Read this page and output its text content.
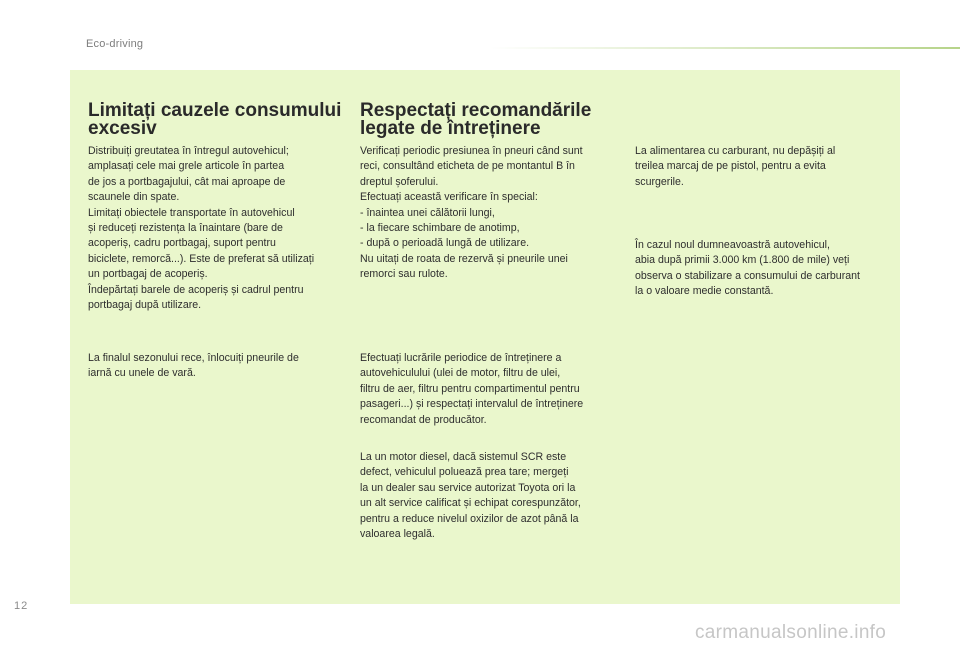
Eco-driving
Limitați cauzele consumului
excesiv

Distribuiți greutatea în întregul autovehicul;
amplasați cele mai grele articole în partea
de jos a portbagajului, cât mai aproape de
scaunele din spate.
Limitați obiectele transportate în autovehicul
și reduceți rezistența la înaintare (bare de
acoperiș, cadru portbagaj, suport pentru
biciclete, remorcă...). Este de preferat să utilizați
un portbagaj de acoperiș.
Îndepărtați barele de acoperiș și cadrul pentru
portbagaj după utilizare.

La finalul sezonului rece, înlocuiți pneurile de
iarnă cu unele de vară.

Respectați recomandările
legate de întreținere

Verificați periodic presiunea în pneuri când sunt
reci, consultând eticheta de pe montantul B în
dreptul șoferului.
Efectuați această verificare în special:
- înaintea unei călătorii lungi,
- la fiecare schimbare de anotimp,
- după o perioadă lungă de utilizare.
Nu uitați de roata de rezervă și pneurile unei
remorci sau rulote.

Efectuați lucrările periodice de întreținere a
autovehiculului (ulei de motor, filtru de ulei,
filtru de aer, filtru pentru compartimentul pentru
pasageri...) și respectați intervalul de întreținere
recomandat de producător.

La un motor diesel, dacă sistemul SCR este
defect, vehiculul poluează prea tare; mergeți
la un dealer sau service autorizat Toyota ori la
un alt service calificat și echipat corespunzător,
pentru a reduce nivelul oxizilor de azot până la
valoarea legală.

La alimentarea cu carburant, nu depășiți al
treilea marcaj de pe pistol, pentru a evita
scurgerile.

În cazul noul dumneavoastră autovehicul,
abia după primii 3.000 km (1.800 de mile) veți
observa o stabilizare a consumului de carburant
la o valoare medie constantă.

12
carmanualsonline.info
